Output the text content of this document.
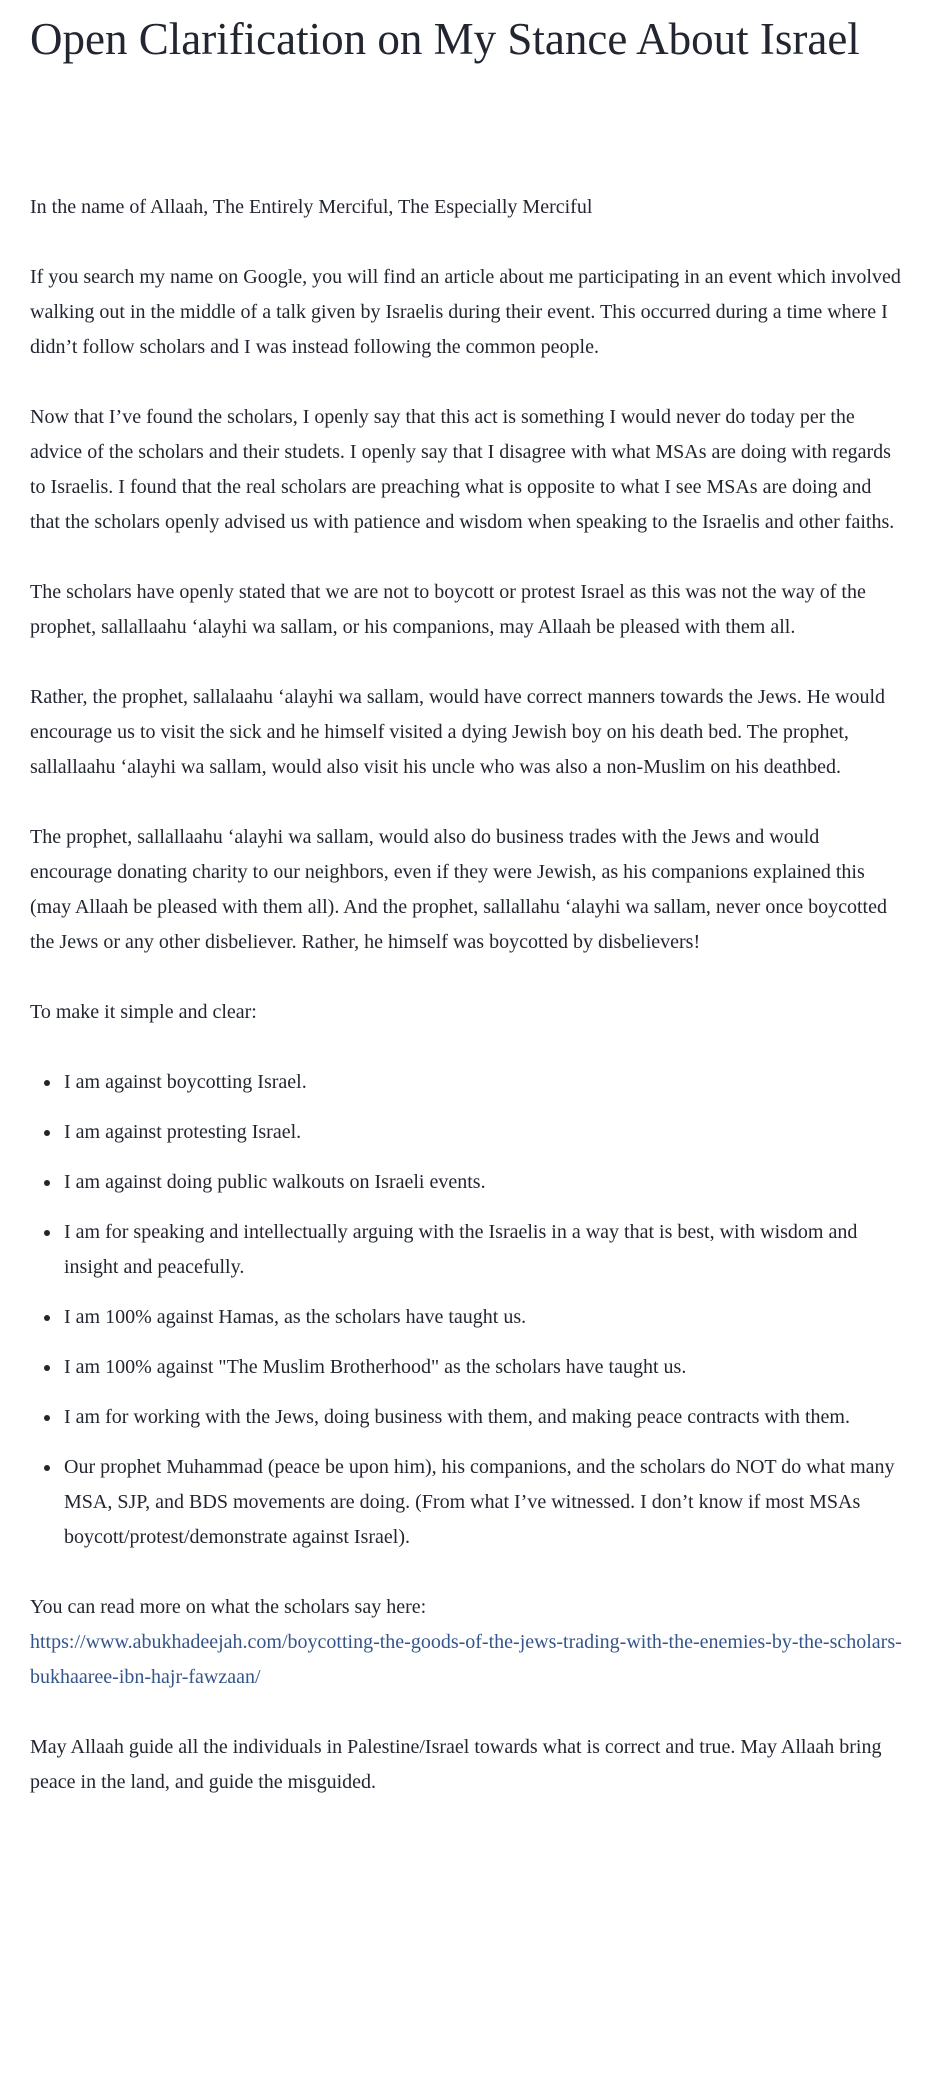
Open Clarification on My Stance About Israel

In the name of Allaah, The Entirely Merciful, The Especially Merciful

If you search my name on Google, you will find an article about me participating in an event which involved walking out in the middle of a talk given by Israelis during their event. This occurred during a time where I didn’t follow scholars and I was instead following the common people.

Now that I’ve found the scholars, I openly say that this act is something I would never do today per the advice of the scholars and their studets. I openly say that I disagree with what MSAs are doing with regards to Israelis. I found that the real scholars are preaching what is opposite to what I see MSAs are doing and that the scholars openly advised us with patience and wisdom when speaking to the Israelis and other faiths.

The scholars have openly stated that we are not to boycott or protest Israel as this was not the way of the prophet, sallallaahu ‘alayhi wa sallam, or his companions, may Allaah be pleased with them all.

Rather, the prophet, sallalaahu ‘alayhi wa sallam, would have correct manners towards the Jews. He would encourage us to visit the sick and he himself visited a dying Jewish boy on his death bed. The prophet, sallallaahu ‘alayhi wa sallam, would also visit his uncle who was also a non-Muslim on his deathbed.

The prophet, sallallaahu ‘alayhi wa sallam, would also do business trades with the Jews and would encourage donating charity to our neighbors, even if they were Jewish, as his companions explained this (may Allaah be pleased with them all). And the prophet, sallallahu ‘alayhi wa sallam, never once boycotted the Jews or any other disbeliever. Rather, he himself was boycotted by disbelievers!

To make it simple and clear:

• I am against boycotting Israel.
• I am against protesting Israel.
• I am against doing public walkouts on Israeli events.
• I am for speaking and intellectually arguing with the Israelis in a way that is best, with wisdom and insight and peacefully.
• I am 100% against Hamas, as the scholars have taught us.
• I am 100% against "The Muslim Brotherhood" as the scholars have taught us.
• I am for working with the Jews, doing business with them, and making peace contracts with them.
• Our prophet Muhammad (peace be upon him), his companions, and the scholars do NOT do what many MSA, SJP, and BDS movements are doing. (From what I’ve witnessed. I don’t know if most MSAs boycott/protest/demonstrate against Israel).

You can read more on what the scholars say here:
https://www.abukhadeejah.com/boycotting-the-goods-of-the-jews-trading-with-the-enemies-by-the-scholars-bukhaaree-ibn-hajr-fawzaan/

May Allaah guide all the individuals in Palestine/Israel towards what is correct and true. May Allaah bring peace in the land, and guide the misguided.
